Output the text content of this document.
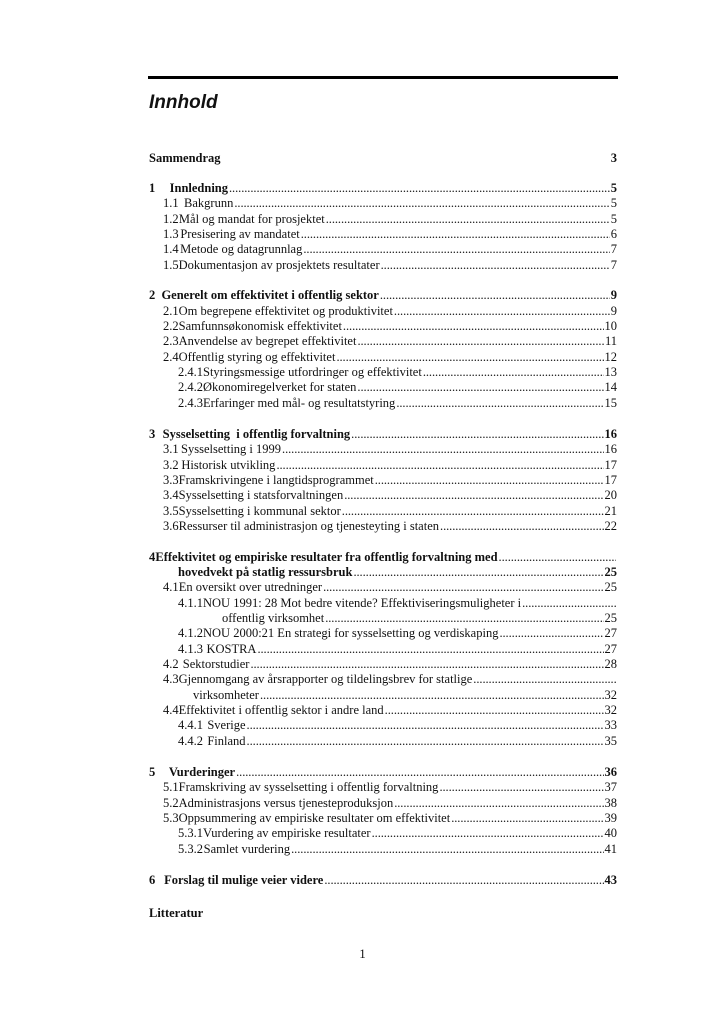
Innhold
Sammendrag	3
1	Innledning . . .	5
1.1 Bakgrunn . . .	5
1.2 Mål og mandat for prosjektet . . .	5
1.3 Presisering av mandatet . . .	6
1.4 Metode og datagrunnlag . . .	7
1.5 Dokumentasjon av prosjektets resultater . . .	7
2 Generelt om effektivitet i offentlig sektor . . .	9
2.1 Om begrepene effektivitet og produktivitet . . .	9
2.2 Samfunnsøkonomisk effektivitet . . .	10
2.3 Anvendelse av begrepet effektivitet . . .	11
2.4 Offentlig styring og effektivitet . . .	12
2.4.1 Styringsmessige utfordringer og effektivitet . . .	13
2.4.2 Økonomiregelverket for staten . . .	14
2.4.3 Erfaringer med mål- og resultatstyring . . .	15
3 Sysselsetting  i offentlig forvaltning . . .	16
3.1 Sysselsetting i 1999 . . .	16
3.2 Historisk utvikling . . .	17
3.3 Framskrivingene i langtidsprogrammet . . .	17
3.4 Sysselsetting i statsforvaltningen . . .	20
3.5 Sysselsetting i kommunal sektor . . .	21
3.6 Ressurser til administrasjon og tjenesteyting i staten . . .	22
4 Effektivitet og empiriske resultater fra offentlig forvaltning med
. . .
hovedvekt på statlig ressursbruk . . .	25
4.1 En oversikt over utredninger . . .	25
4.1.1 NOU 1991: 28 Mot bedre vitende? Effektiviseringsmuligheter i
. . .
offentlig virksomhet . . .	25
4.1.2 NOU 2000:21 En strategi for sysselsetting og verdiskaping . . .	27
4.1.3 KOSTRA . . .	27
4.2 Sektorstudier . . .	28
4.3 Gjennomgang av årsrapporter og tildelingsbrev for statlige
. . .
virksomheter . . .	32
4.4 Effektivitet i offentlig sektor i andre land . . .	32
4.4.1 Sverige . . .	33
4.4.2 Finland . . .	35
5	Vurderinger . . .	36
5.1 Framskriving av sysselsetting i offentlig forvaltning . . .	37
5.2 Administrasjons versus tjenesteproduksjon . . .	38
5.3 Oppsummering av empiriske resultater om effektivitet . . .	39
5.3.1 Vurdering av empiriske resultater . . .	40
5.3.2 Samlet vurdering . . .	41
6 Forslag til mulige veier videre . . .	43
Litteratur
1
